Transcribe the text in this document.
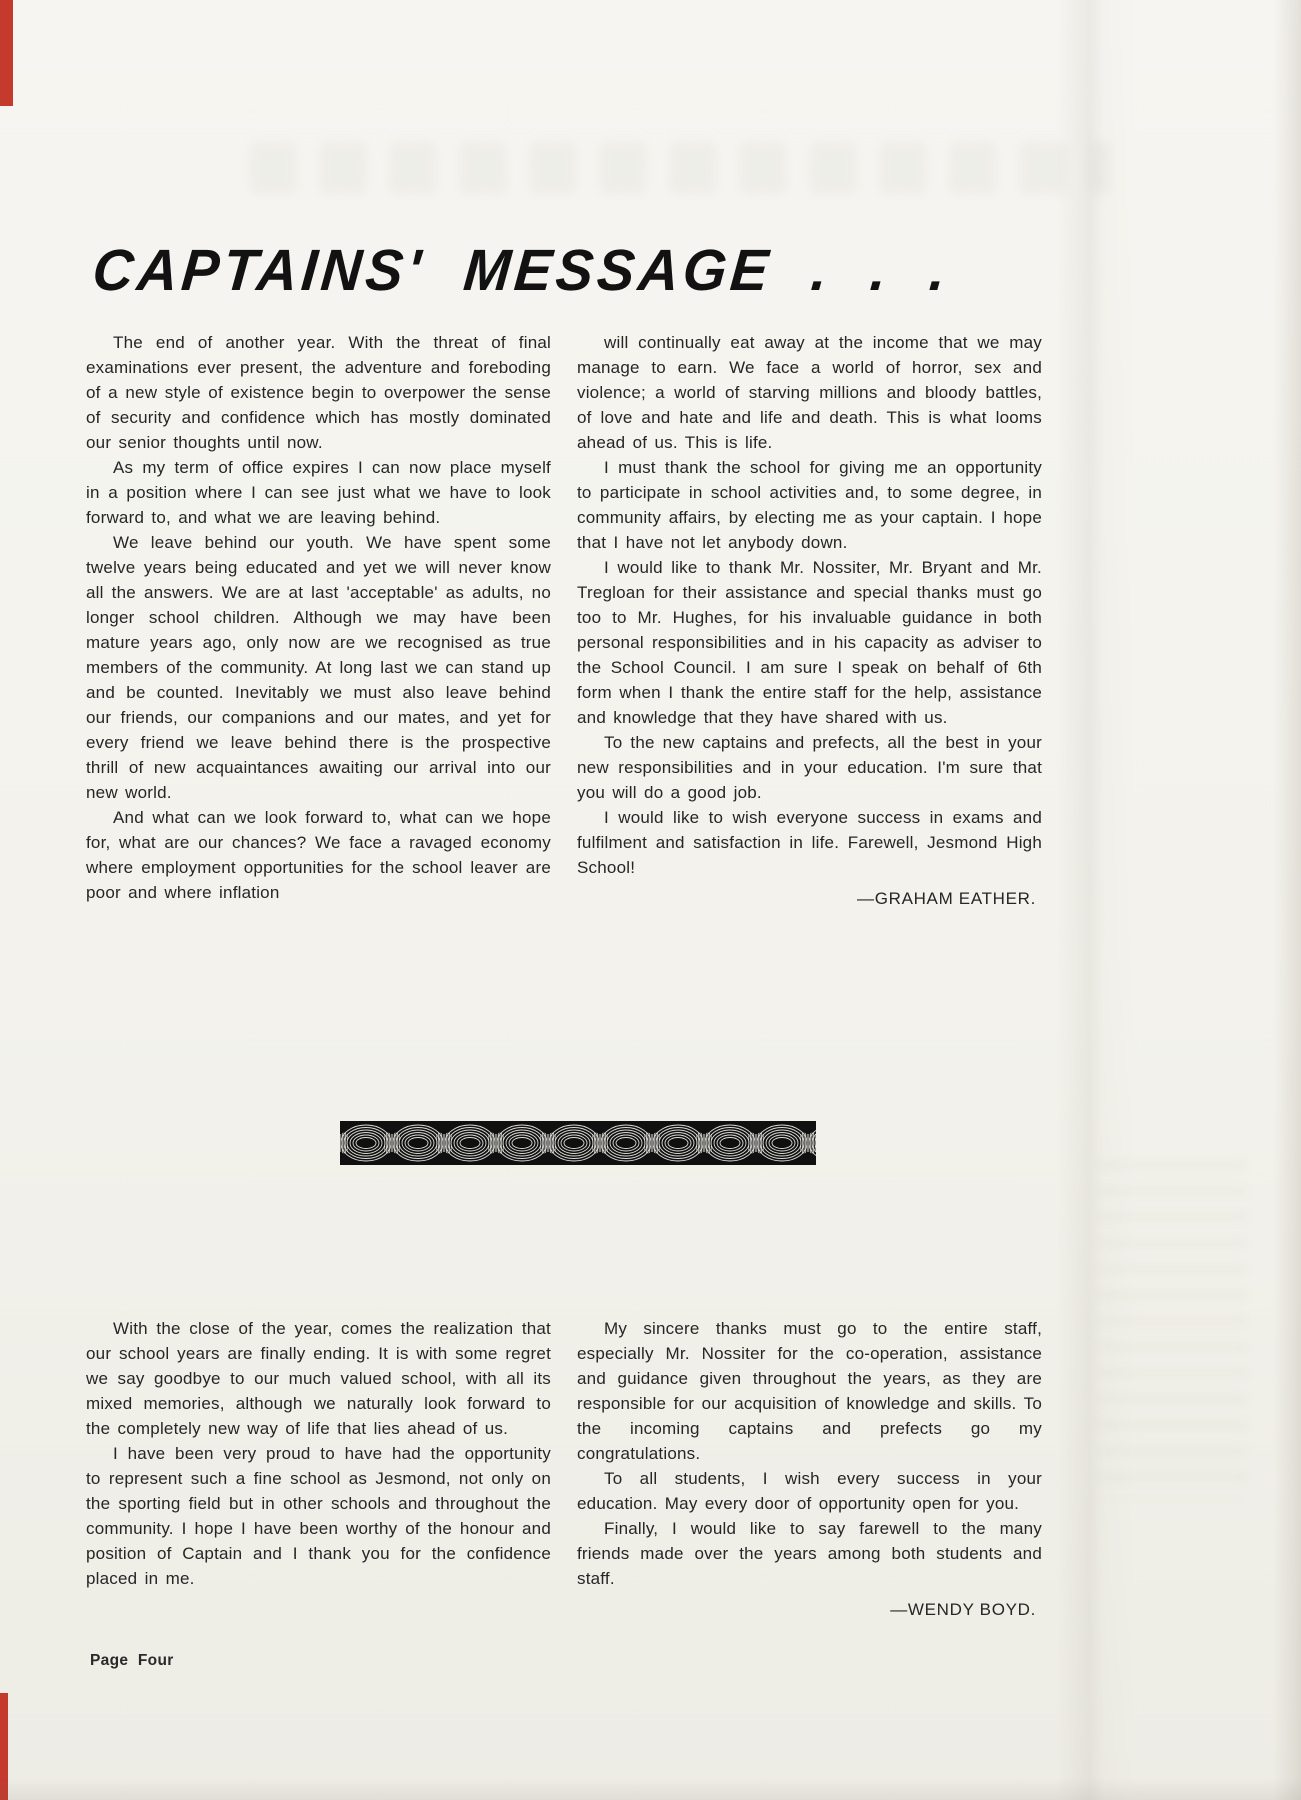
CAPTAINS' MESSAGE . . .

The end of another year. With the threat of final examinations ever present, the adventure and foreboding of a new style of existence begin to overpower the sense of security and confidence which has mostly dominated our senior thoughts until now.

As my term of office expires I can now place myself in a position where I can see just what we have to look forward to, and what we are leaving behind.

We leave behind our youth. We have spent some twelve years being educated and yet we will never know all the answers. We are at last 'acceptable' as adults, no longer school children. Although we may have been mature years ago, only now are we recognised as true members of the community. At long last we can stand up and be counted. Inevitably we must also leave behind our friends, our companions and our mates, and yet for every friend we leave behind there is the prospective thrill of new acquaintances awaiting our arrival into our new world.

And what can we look forward to, what can we hope for, what are our chances? We face a ravaged economy where employment opportunities for the school leaver are poor and where inflation

will continually eat away at the income that we may manage to earn. We face a world of horror, sex and violence; a world of starving millions and bloody battles, of love and hate and life and death. This is what looms ahead of us. This is life.

I must thank the school for giving me an opportunity to participate in school activities and, to some degree, in community affairs, by electing me as your captain. I hope that I have not let anybody down.

I would like to thank Mr. Nossiter, Mr. Bryant and Mr. Tregloan for their assistance and special thanks must go too to Mr. Hughes, for his invaluable guidance in both personal responsibilities and in his capacity as adviser to the School Council. I am sure I speak on behalf of 6th form when I thank the entire staff for the help, assistance and knowledge that they have shared with us.

To the new captains and prefects, all the best in your new responsibilities and in your education. I'm sure that you will do a good job.

I would like to wish everyone success in exams and fulfilment and satisfaction in life. Farewell, Jesmond High School!

—GRAHAM EATHER.

With the close of the year, comes the realization that our school years are finally ending. It is with some regret we say goodbye to our much valued school, with all its mixed memories, although we naturally look forward to the completely new way of life that lies ahead of us.

I have been very proud to have had the opportunity to represent such a fine school as Jesmond, not only on the sporting field but in other schools and throughout the community. I hope I have been worthy of the honour and position of Captain and I thank you for the confidence placed in me.

My sincere thanks must go to the entire staff, especially Mr. Nossiter for the co-operation, assistance and guidance given throughout the years, as they are responsible for our acquisition of knowledge and skills. To the incoming captains and prefects go my congratulations.

To all students, I wish every success in your education. May every door of opportunity open for you.

Finally, I would like to say farewell to the many friends made over the years among both students and staff.

—WENDY BOYD.
Page Four
